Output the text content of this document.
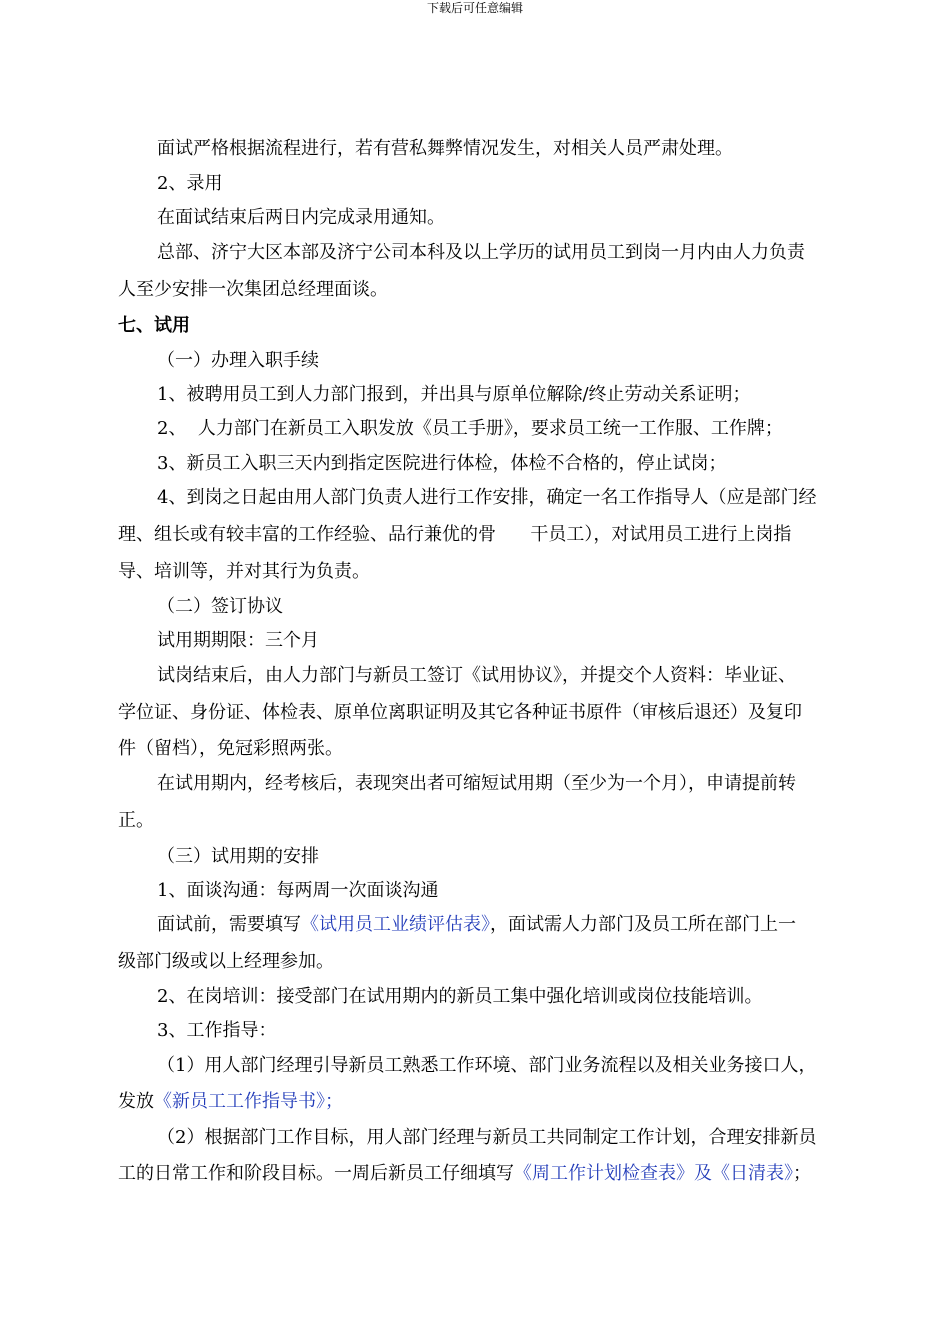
下载后可任意编辑
面试严格根据流程进行，若有营私舞弊情况发生，对相关人员严肃处理。
2、录用
在面试结束后两日内完成录用通知。
总部、济宁大区本部及济宁公司本科及以上学历的试用员工到岗一月内由人力负责
人至少安排一次集团总经理面谈。
七、试用
（一）办理入职手续
1、被聘用员工到人力部门报到，并出具与原单位解除/终止劳动关系证明；
2、  人力部门在新员工入职发放《员工手册》，要求员工统一工作服、工作牌；
3、新员工入职三天内到指定医院进行体检，体检不合格的，停止试岗；
4、到岗之日起由用人部门负责人进行工作安排，确定一名工作指导人（应是部门经
理、组长或有较丰富的工作经验、品行兼优的骨      干员工），对试用员工进行上岗指
导、培训等，并对其行为负责。
（二）签订协议
试用期期限：三个月
试岗结束后，由人力部门与新员工签订《试用协议》，并提交个人资料：毕业证、
学位证、身份证、体检表、原单位离职证明及其它各种证书原件（审核后退还）及复印
件（留档），免冠彩照两张。
在试用期内，经考核后，表现突出者可缩短试用期（至少为一个月），申请提前转
正。
（三）试用期的安排
1、面谈沟通：每两周一次面谈沟通
面试前，需要填写《试用员工业绩评估表》，面试需人力部门及员工所在部门上一
级部门级或以上经理参加。
2、在岗培训：接受部门在试用期内的新员工集中强化培训或岗位技能培训。
3、工作指导：
（1）用人部门经理引导新员工熟悉工作环境、部门业务流程以及相关业务接口人，
发放《新员工工作指导书》；
（2）根据部门工作目标，用人部门经理与新员工共同制定工作计划，合理安排新员
工的日常工作和阶段目标。一周后新员工仔细填写《周工作计划检查表》及《日清表》；
